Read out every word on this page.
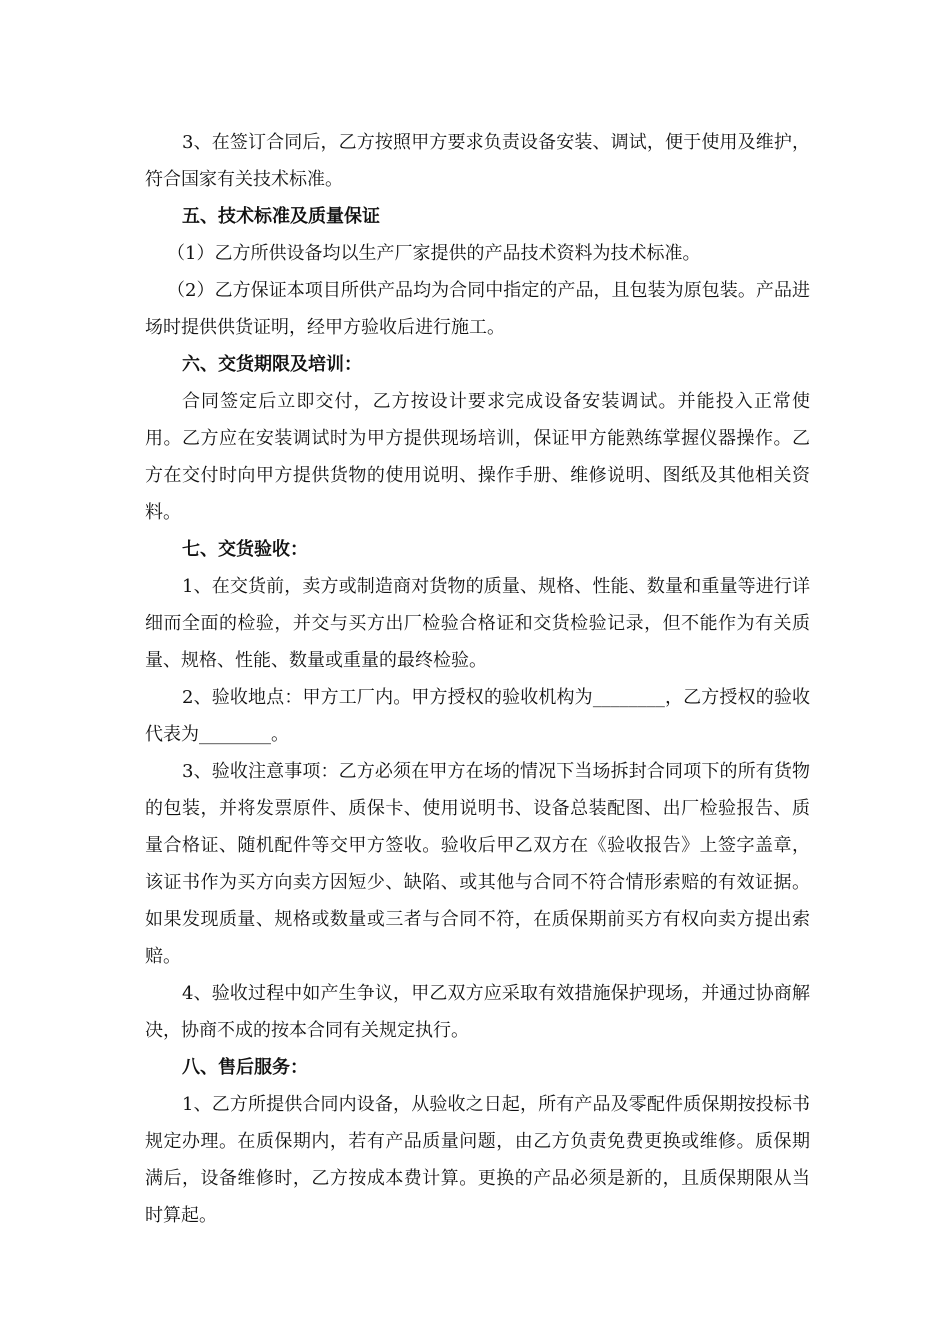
3、在签订合同后，乙方按照甲方要求负责设备安装、调试，便于使用及维护，符合国家有关技术标准。

五、技术标准及质量保证

（1）乙方所供设备均以生产厂家提供的产品技术资料为技术标准。

（2）乙方保证本项目所供产品均为合同中指定的产品，且包装为原包装。产品进场时提供供货证明，经甲方验收后进行施工。

六、交货期限及培训：

合同签定后立即交付，乙方按设计要求完成设备安装调试。并能投入正常使用。乙方应在安装调试时为甲方提供现场培训，保证甲方能熟练掌握仪器操作。乙方在交付时向甲方提供货物的使用说明、操作手册、维修说明、图纸及其他相关资料。

七、交货验收：

1、在交货前，卖方或制造商对货物的质量、规格、性能、数量和重量等进行详细而全面的检验，并交与买方出厂检验合格证和交货检验记录，但不能作为有关质量、规格、性能、数量或重量的最终检验。

2、验收地点：甲方工厂内。甲方授权的验收机构为________，乙方授权的验收代表为________。

3、验收注意事项：乙方必须在甲方在场的情况下当场拆封合同项下的所有货物的包装，并将发票原件、质保卡、使用说明书、设备总装配图、出厂检验报告、质量合格证、随机配件等交甲方签收。验收后甲乙双方在《验收报告》上签字盖章，该证书作为买方向卖方因短少、缺陷、或其他与合同不符合情形索赔的有效证据。如果发现质量、规格或数量或三者与合同不符，在质保期前买方有权向卖方提出索赔。

4、验收过程中如产生争议，甲乙双方应采取有效措施保护现场，并通过协商解决，协商不成的按本合同有关规定执行。

八、售后服务：

1、乙方所提供合同内设备，从验收之日起，所有产品及零配件质保期按投标书规定办理。在质保期内，若有产品质量问题，由乙方负责免费更换或维修。质保期满后，设备维修时，乙方按成本费计算。更换的产品必须是新的，且质保期限从当时算起。
